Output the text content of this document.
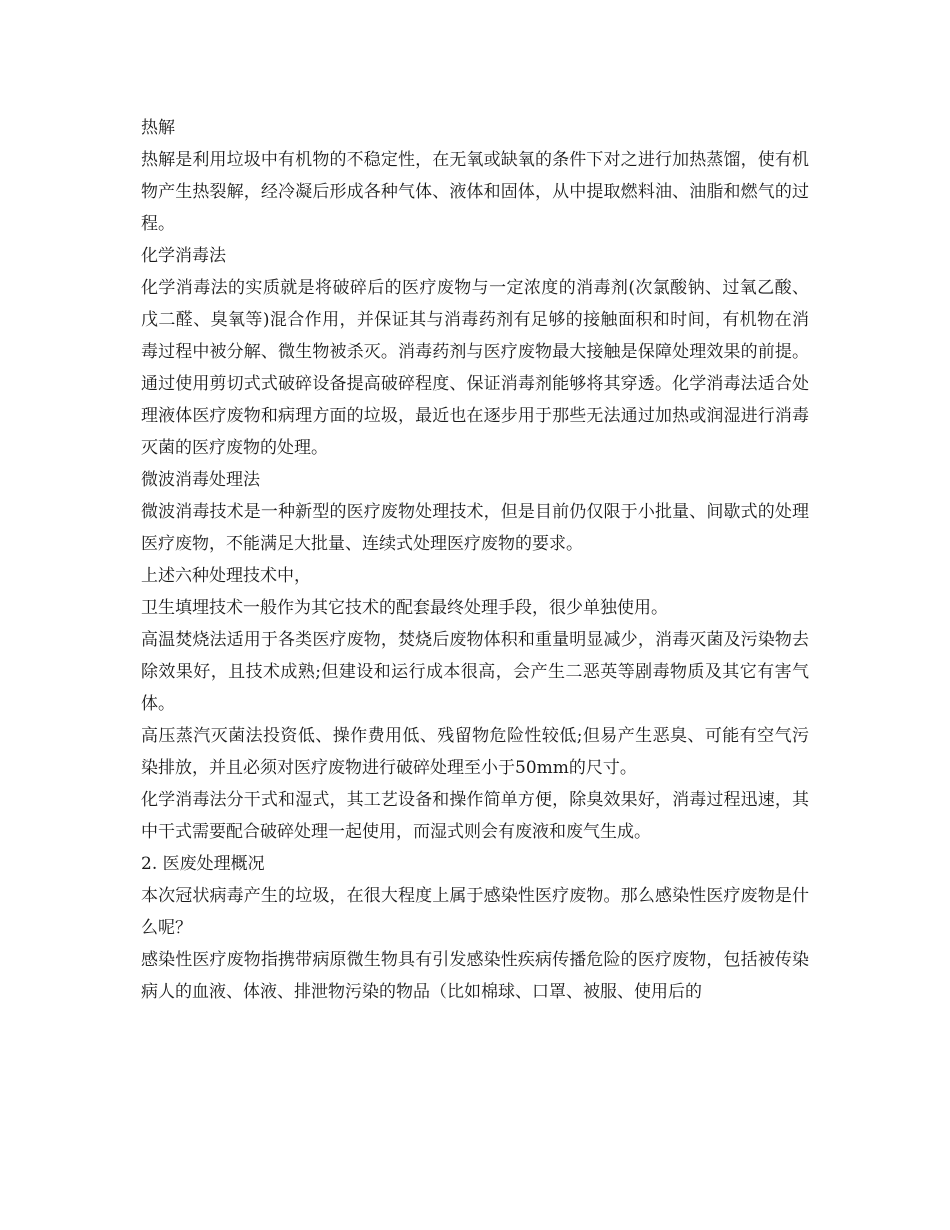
热解

热解是利用垃圾中有机物的不稳定性，在无氧或缺氧的条件下对之进行加热蒸馏，使有机物产生热裂解，经冷凝后形成各种气体、液体和固体，从中提取燃料油、油脂和燃气的过程。

化学消毒法

化学消毒法的实质就是将破碎后的医疗废物与一定浓度的消毒剂(次氯酸钠、过氧乙酸、戊二醛、臭氧等)混合作用，并保证其与消毒药剂有足够的接触面积和时间，有机物在消毒过程中被分解、微生物被杀灭。消毒药剂与医疗废物最大接触是保障处理效果的前提。通过使用剪切式式破碎设备提高破碎程度、保证消毒剂能够将其穿透。化学消毒法适合处理液体医疗废物和病理方面的垃圾，最近也在逐步用于那些无法通过加热或润湿进行消毒灭菌的医疗废物的处理。

微波消毒处理法

微波消毒技术是一种新型的医疗废物处理技术，但是目前仍仅限于小批量、间歇式的处理医疗废物，不能满足大批量、连续式处理医疗废物的要求。

上述六种处理技术中，

卫生填埋技术一般作为其它技术的配套最终处理手段，很少单独使用。

高温焚烧法适用于各类医疗废物，焚烧后废物体积和重量明显减少，消毒灭菌及污染物去除效果好，且技术成熟;但建设和运行成本很高，会产生二恶英等剧毒物质及其它有害气体。

高压蒸汽灭菌法投资低、操作费用低、残留物危险性较低;但易产生恶臭、可能有空气污染排放，并且必须对医疗废物进行破碎处理至小于50mm的尺寸。

化学消毒法分干式和湿式，其工艺设备和操作简单方便，除臭效果好，消毒过程迅速，其中干式需要配合破碎处理一起使用，而湿式则会有废液和废气生成。

2. 医废处理概况

本次冠状病毒产生的垃圾，在很大程度上属于感染性医疗废物。那么感染性医疗废物是什么呢？

感染性医疗废物指携带病原微生物具有引发感染性疾病传播危险的医疗废物，包括被传染病人的血液、体液、排泄物污染的物品（比如棉球、口罩、被服、使用后的
